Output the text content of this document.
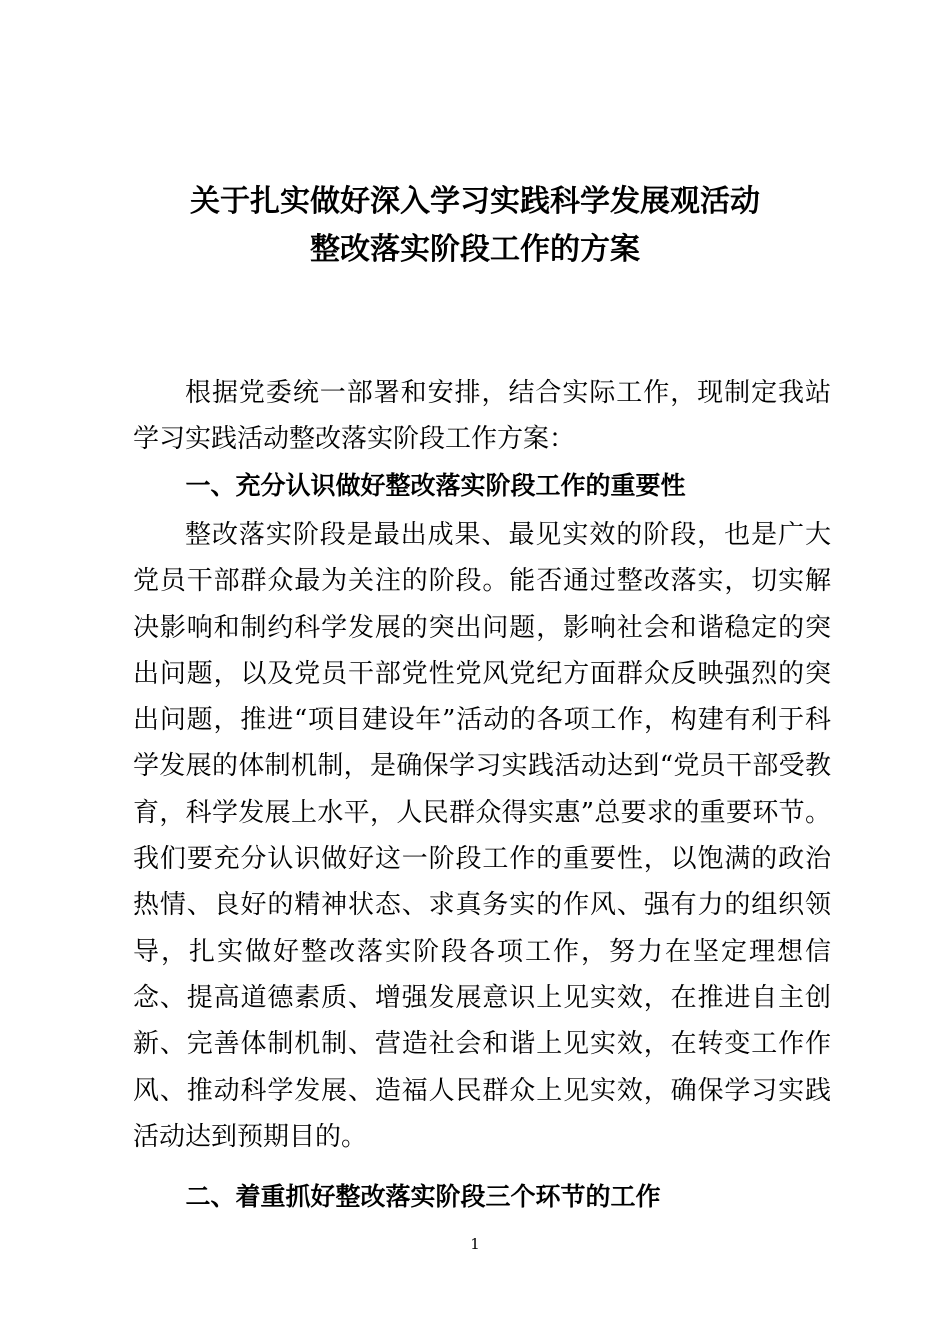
关于扎实做好深入学习实践科学发展观活动
整改落实阶段工作的方案

根据党委统一部署和安排，结合实际工作，现制定我站学习实践活动整改落实阶段工作方案：

一、充分认识做好整改落实阶段工作的重要性

整改落实阶段是最出成果、最见实效的阶段，也是广大党员干部群众最为关注的阶段。能否通过整改落实，切实解决影响和制约科学发展的突出问题，影响社会和谐稳定的突出问题，以及党员干部党性党风党纪方面群众反映强烈的突出问题，推进“项目建设年”活动的各项工作，构建有利于科学发展的体制机制，是确保学习实践活动达到“党员干部受教育，科学发展上水平，人民群众得实惠”总要求的重要环节。我们要充分认识做好这一阶段工作的重要性，以饱满的政治热情、良好的精神状态、求真务实的作风、强有力的组织领导，扎实做好整改落实阶段各项工作，努力在坚定理想信念、提高道德素质、增强发展意识上见实效，在推进自主创新、完善体制机制、营造社会和谐上见实效，在转变工作作风、推动科学发展、造福人民群众上见实效，确保学习实践活动达到预期目的。

二、着重抓好整改落实阶段三个环节的工作

1
